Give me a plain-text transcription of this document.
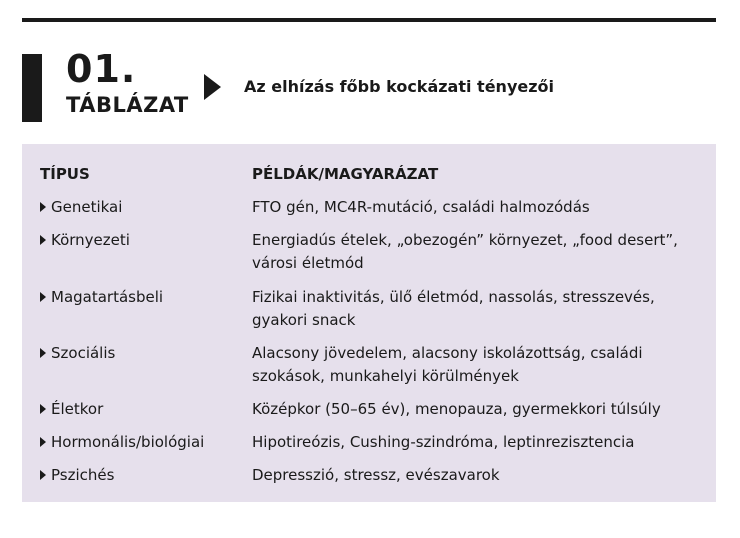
01.
TÁBLÁZAT
Az elhízás főbb kockázati tényezői
TÍPUS	PÉLDÁK/MAGYARÁZAT
Genetikai	FTO gén, MC4R-mutáció, családi halmozódás
Környezeti	Energiadús ételek, „obezogén” környezet, „food desert”, városi életmód
Magatartásbeli	Fizikai inaktivitás, ülő életmód, nassolás, stresszevés, gyakori snack
Szociális	Alacsony jövedelem, alacsony iskolázottság, családi szokások, munkahelyi körülmények
Életkor	Középkor (50–65 év), menopauza, gyermekkori túlsúly
Hormonális/biológiai	Hipotireózis, Cushing-szindróma, leptinrezisztencia
Pszichés	Depresszió, stressz, evészavarok
